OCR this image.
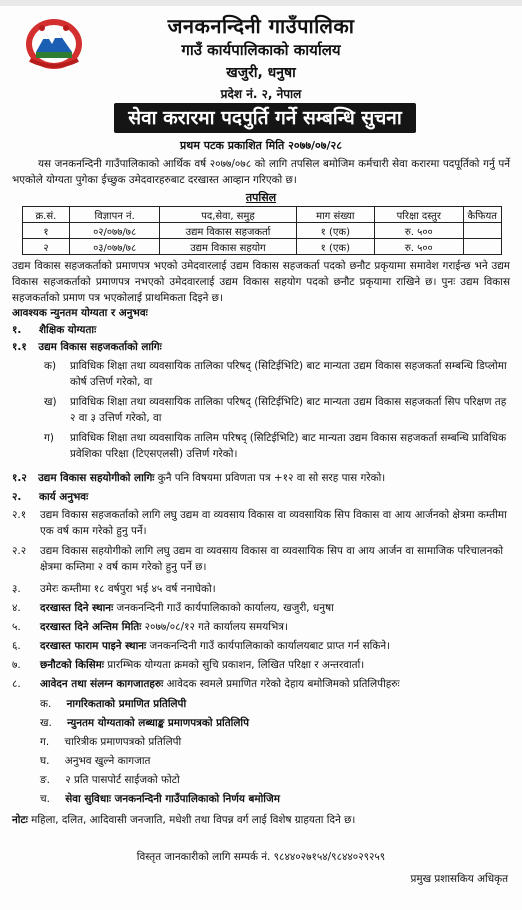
जनकनन्दिनी गाउँपालिका
गाउँ कार्यपालिकाको कार्यालय
खजुरी, धनुषा
प्रदेश नं. २, नेपाल
सेवा करारमा पदपुर्ति गर्ने सम्बन्धि सुचना
प्रथम पटक प्रकाशित मिति २०७७/०७/२८
यस जनकनन्दिनी गाउँपालिकाको आर्थिक वर्ष २०७७/०७८ को लागि तपसिल बमोजिम कर्मचारी सेवा करारमा पदपूर्तिको गर्नु पर्ने भएकोले योग्यता पुगेका ईच्छुक उमेदवारहरुबाट दरखास्त आव्हान गरिएको छ।
तपसिल
क्र.सं.	विज्ञापन नं.	पद,सेवा, समुह	माग संख्या	परिक्षा दस्तुर	कैफियत
१	०२/०७७/७८	उद्यम विकास सहजकर्ता	१ (एक)	रु. ५००	
२	०३/०७७/७८	उद्यम विकास सहयोग	१ (एक)	रु. ५००	
उद्यम विकास सहजकर्ताको प्रमाणपत्र भएको उमेदवारलाई उद्यम विकास सहजकर्ता पदको छनौट प्रकृयामा समावेश गराईन्छ भने उद्यम विकास सहजकर्ताको प्रमाणपत्र नभएको उमेदवारलाई उद्यम विकास सहयोग पदको छनौट प्रकृयामा राखिने छ। पुनः उद्यम विकास सहजकर्ताको प्रमाण पत्र भएकोलाई प्राथमिकता दिइने छ।
आवश्यक न्युनतम योग्यता र अनुभवः
१. शैक्षिक योग्यताः
१.१ उद्यम विकास सहजकर्ताको लागिः
क) प्राविधिक शिक्षा तथा व्यवसायिक तालिका परिषद् (सिटिईभिटि) बाट मान्यता उद्यम विकास सहजकर्ता सम्बन्धि डिप्लोमा कोर्ष उत्तिर्ण गरेको, वा
ख) प्राविधिक शिक्षा तथा व्यवसायिक तालिका परिषद् (सिटिईभिटि) बाट मान्यता उद्यम विकास सहजकर्ता सिप परिक्षण तह २ वा ३ उत्तिर्ण गरेको, वा
ग) प्राविधिक शिक्षा तथा व्यवसायिक तालिम परिषद् (सिटिईभिटि) बाट मान्यता उद्यम विकास सहजकर्ता सम्बन्धि प्राविधिक प्रवेशिका परिक्षा (टिएसएलसी) उत्तिर्ण गरेको।
१.२ उद्यम विकास सहयोगीको लागिः कुनै पनि विषयमा प्रविणता पत्र +१२ वा सो सरह पास गरेको।
२. कार्य अनुभवः
२.१ उद्यम विकास सहजकर्ताको लागि लघु उद्यम वा व्यवसाय विकास वा व्यवसायिक सिप विकास वा आय आर्जनको क्षेत्रमा कम्तीमा एक वर्ष काम गरेको हुनु पर्ने।
२.२ उद्यम विकास सहयोगीको लागि लघु उद्यम वा व्यवसाय विकास वा व्यवसायिक सिप वा आय आर्जन वा सामाजिक परिचालनको क्षेत्रमा कम्तिमा २ वर्ष काम गरेको हुनु पर्ने छ।
३. उमेरः कम्तीमा १८ वर्षपुरा भई ४५ वर्ष ननाघेको।
४. दरखास्त दिने स्थानः जनकनन्दिनी गाउँ कार्यपालिकाको कार्यालय, खजुरी, धनुषा
५. दरखास्त दिने अन्तिम मितिः २०७७/०८/१२ गते कार्यालय समयभित्र।
६. दरखास्त फाराम पाइने स्थानः जनकनन्दिनी गाउँ कार्यपालिकाको कार्यालयबाट प्राप्त गर्न सकिने।
७. छनौटको किसिमः प्रारम्भिक योग्यता क्रमको सुचि प्रकाशन, लिखित परिक्षा र अन्तरवार्ता।
८. आवेदन तथा संलग्न कागजातहरुः आवेदक स्वमले प्रमाणित गरेको देहाय बमोजिमको प्रतिलिपीहरुः
क. नागरिकताको प्रमाणित प्रतिलिपी
ख. न्युनतम योग्यताको लब्धाङ्क प्रमाणपत्रको प्रतिलिपि
ग. चारित्रीक प्रमाणपत्रको प्रतिलिपी
घ. अनुभव खुल्ने कागजात
ङ. २ प्रति पासपोर्ट साईजको फोटो
च. सेवा सुविधाः जनकनन्दिनी गाउँपालिकाको निर्णय बमोजिम
नोटः महिला, दलित, आदिवासी जनजाति, मधेशी तथा विपन्न वर्ग लाई विशेष ग्राहयता दिने छ।
विस्तृत जानकारीको लागि सम्पर्क नं. ९८४४०२७१५४/९८४४०२९२५९
प्रमुख प्रशासकिय अधिकृत
